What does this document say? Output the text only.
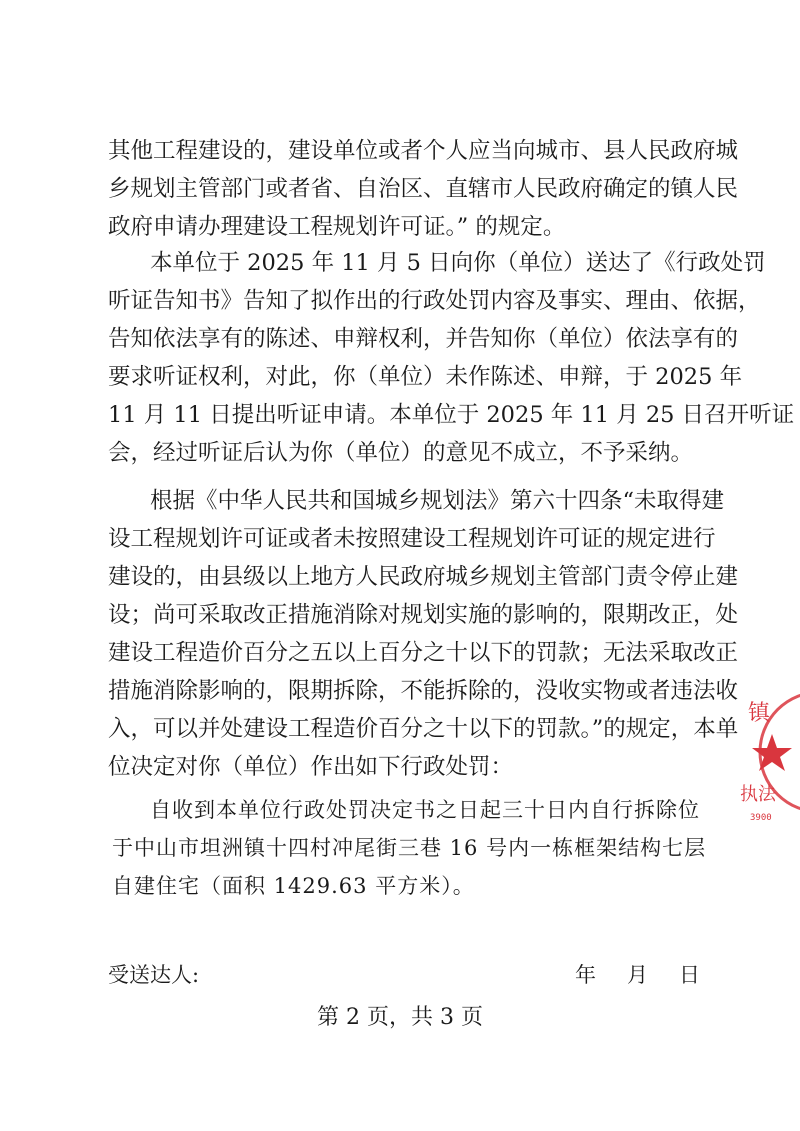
其他工程建设的，建设单位或者个人应当向城市、县人民政府城
乡规划主管部门或者省、自治区、直辖市人民政府确定的镇人民
政府申请办理建设工程规划许可证。” 的规定。
本单位于 2025 年 11 月 5 日向你（单位）送达了《行政处罚
听证告知书》告知了拟作出的行政处罚内容及事实、理由、依据，
告知依法享有的陈述、申辩权利，并告知你（单位）依法享有的
要求听证权利，对此，你（单位）未作陈述、申辩，于 2025 年
11 月 11 日提出听证申请。本单位于 2025 年 11 月 25 日召开听证
会，经过听证后认为你（单位）的意见不成立，不予采纳。
根据《中华人民共和国城乡规划法》第六十四条“未取得建
设工程规划许可证或者未按照建设工程规划许可证的规定进行
建设的，由县级以上地方人民政府城乡规划主管部门责令停止建
设；尚可采取改正措施消除对规划实施的影响的，限期改正，处
建设工程造价百分之五以上百分之十以下的罚款；无法采取改正
措施消除影响的，限期拆除，不能拆除的，没收实物或者违法收
入，可以并处建设工程造价百分之十以下的罚款。”的规定，本单
位决定对你（单位）作出如下行政处罚：
自收到本单位行政处罚决定书之日起三十日内自行拆除位
于中山市坦洲镇十四村冲尾街三巷 16 号内一栋框架结构七层
自建住宅（面积 1429.63 平方米）。
受送达人:	年 月 日
第 2 页，共 3 页
镇
执法
3900
